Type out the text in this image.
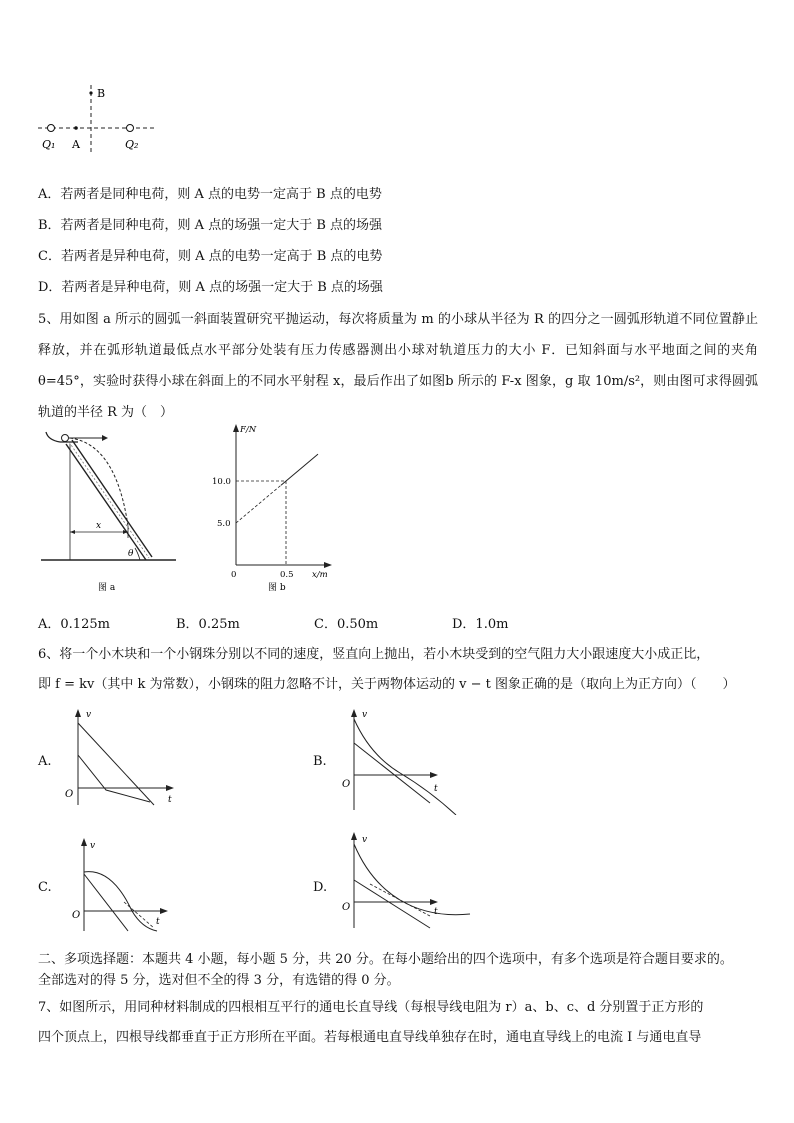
B
Q₁ A	Q₂
A．若两者是同种电荷，则 A 点的电势一定高于 B 点的电势
B．若两者是同种电荷，则 A 点的场强一定大于 B 点的场强
C．若两者是异种电荷，则 A 点的电势一定高于 B 点的电势
D．若两者是异种电荷，则 A 点的场强一定大于 B 点的场强
5、用如图 a 所示的圆弧一斜面装置研究平抛运动，每次将质量为 m 的小球从半径为 R 的四分之一圆弧形轨道不同位置静止释放，并在弧形轨道最低点水平部分处装有压力传感器测出小球对轨道压力的大小 F．已知斜面与水平地面之间的夹角 θ=45°，实验时获得小球在斜面上的不同水平射程 x，最后作出了如图b 所示的 F-x 图象，g 取 10m/s²，则由图可求得圆弧轨道的半径 R 为（　）
x
θ
图 a
F/N
10.0
5.0
0	0.5 x/m
图 b
A．0.125m	B．0.25m	C．0.50m	D．1.0m
6、将一个小木块和一个小钢珠分别以不同的速度，竖直向上抛出，若小木块受到的空气阻力大小跟速度大小成正比，
即 f = kv（其中 k 为常数），小钢珠的阻力忽略不计，关于两物体运动的 v − t 图象正确的是（取向上为正方向）（　　）
A.	B.
C.	D.
v
O	t
v
O	t
v
O
t
v
O	t
二、多项选择题：本题共 4 小题，每小题 5 分，共 20 分。在每小题给出的四个选项中，有多个选项是符合题目要求的。
全部选对的得 5 分，选对但不全的得 3 分，有选错的得 0 分。
7、如图所示，用同种材料制成的四根相互平行的通电长直导线（每根导线电阻为 r）a、b、c、d 分别置于正方形的
四个顶点上，四根导线都垂直于正方形所在平面。若每根通电直导线单独存在时，通电直导线上的电流 I 与通电直导
